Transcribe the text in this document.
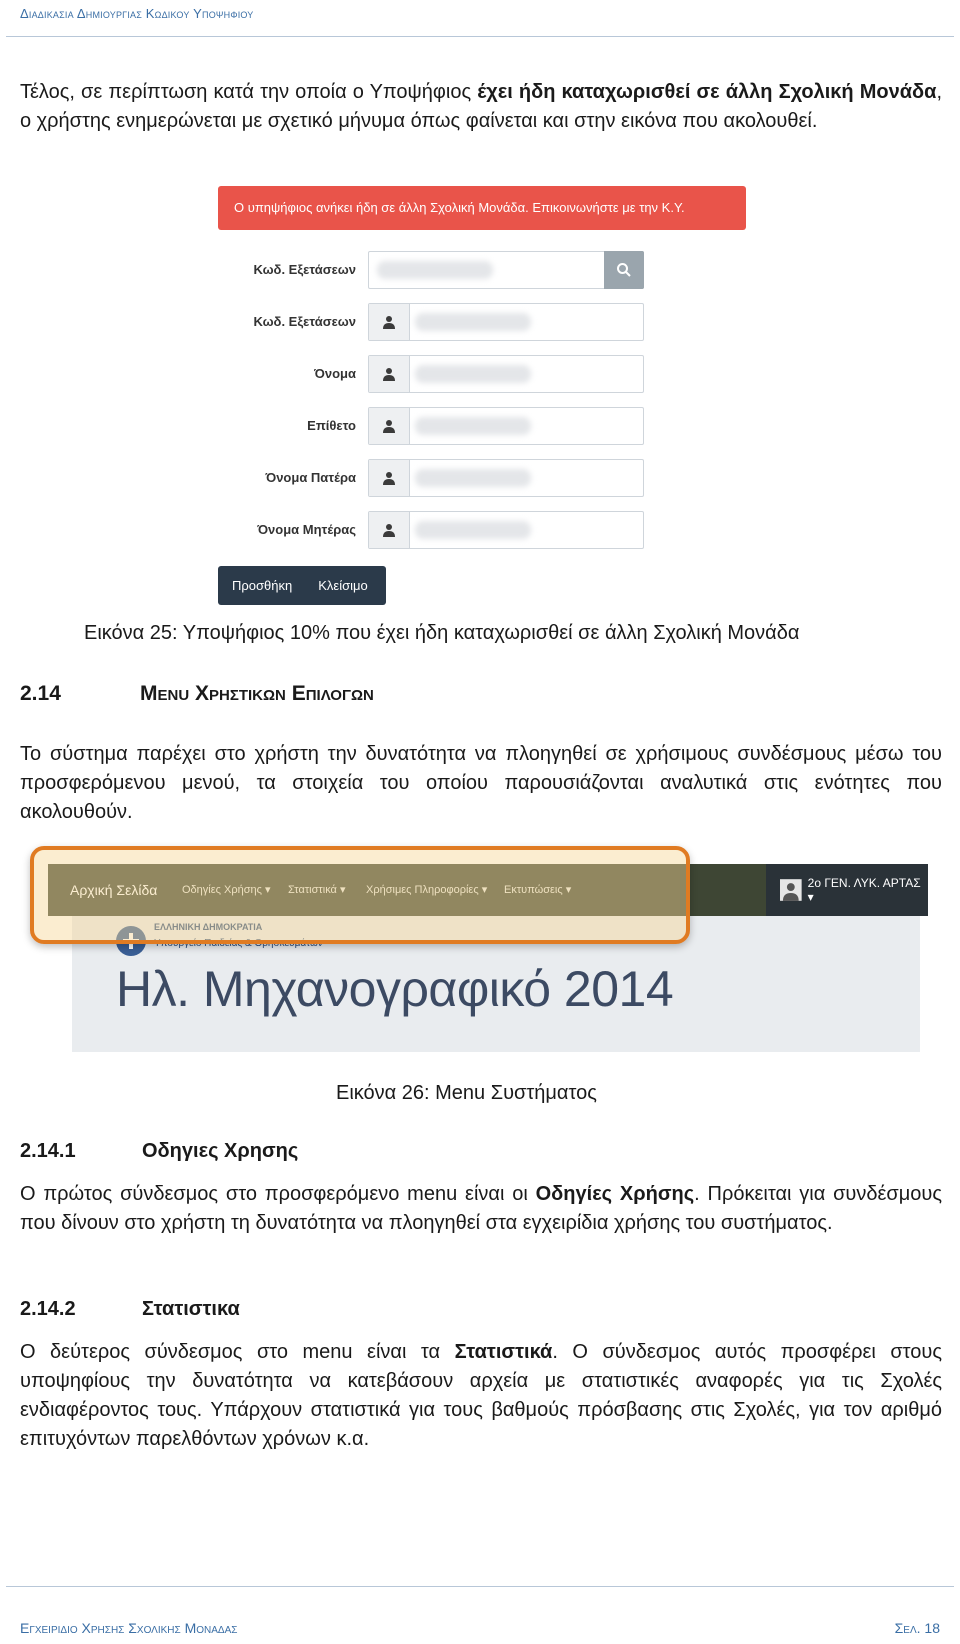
Διαδικασια Δημιουργιας Κωδικου Υποψηφιου
Τέλος, σε περίπτωση κατά την οποία ο Υποψήφιος έχει ήδη καταχωρισθεί σε άλλη Σχολική Μονάδα, ο χρήστης ενημερώνεται με σχετικό μήνυμα όπως φαίνεται και στην εικόνα που ακολουθεί.
Ο υπηψήφιος ανήκει ήδη σε άλλη Σχολική Μονάδα. Επικοινωνήστε με την Κ.Υ.
Κωδ. Εξετάσεων
Κωδ. Εξετάσεων
Όνομα
Επίθετο
Όνομα Πατέρα
Όνομα Μητέρας
Προσθήκη Κλείσιμο
Εικόνα 25: Υποψήφιος 10% που έχει ήδη καταχωρισθεί σε άλλη Σχολική Μονάδα
2.14	Menu Χρηστικων Επιλογων
Το σύστημα παρέχει στο χρήστη την δυνατότητα να πλοηγηθεί σε χρήσιμους συνδέσμους μέσω του προσφερόμενου μενού, τα στοιχεία του οποίου παρουσιάζονται αναλυτικά στις ενότητες που ακολουθούν.
ΕΛΛΗΝΙΚΗ ΔΗΜΟΚΡΑΤΙΑ
Υπουργείο Παιδείας & Θρησκευμάτων
Ηλ. Μηχανογραφικό 2014
Αρχική Σελίδα Οδηγίες Χρήσης ▾ Στατιστικά ▾ Χρήσιμες Πληροφορίες ▾ Εκτυπώσεις ▾	2ο ΓΕΝ. ΛΥΚ. ΑΡΤΑΣ ▾
Εικόνα 26: Menu Συστήματος
2.14.1	Οδηγιες Χρησης
Ο πρώτος σύνδεσμος στο προσφερόμενο menu είναι οι Οδηγίες Χρήσης. Πρόκειται για συνδέσμους που δίνουν στο χρήστη τη δυνατότητα να πλοηγηθεί στα εγχειρίδια χρήσης του συστήματος.
2.14.2	Στατιστικα
Ο δεύτερος σύνδεσμος στο menu είναι τα Στατιστικά. Ο σύνδεσμος αυτός προσφέρει στους υποψηφίους την δυνατότητα να κατεβάσουν αρχεία με στατιστικές αναφορές για τις Σχολές ενδιαφέροντος τους. Υπάρχουν στατιστικά για τους βαθμούς πρόσβασης στις Σχολές, για τον αριθμό επιτυχόντων παρελθόντων χρόνων κ.α.
Εγχειριδιο Χρησης Σχολικης Μοναδας	Σελ. 18
